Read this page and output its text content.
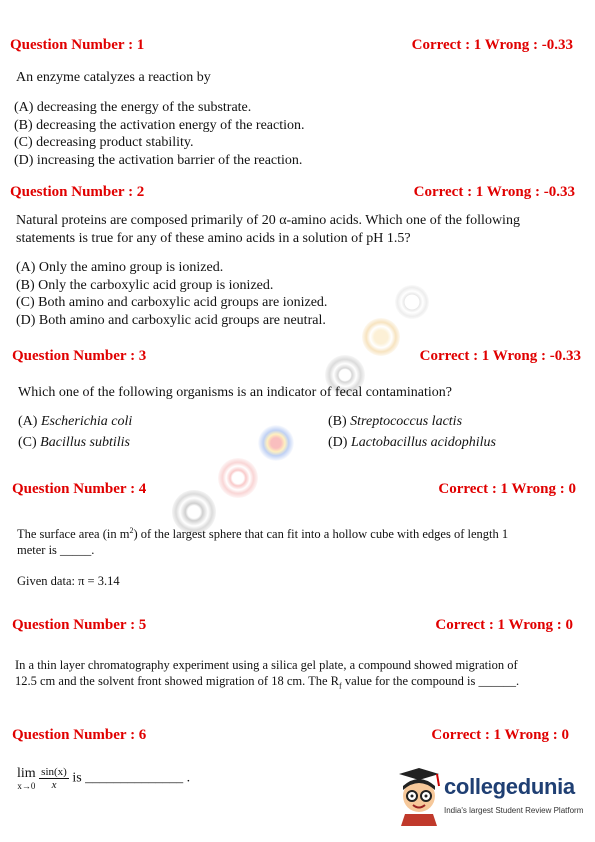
Question Number : 1	Correct : 1 Wrong : -0.33
An enzyme catalyzes a reaction by
(A) decreasing the energy of the substrate.
(B) decreasing the activation energy of the reaction.
(C) decreasing product stability.
(D) increasing the activation barrier of the reaction.
Question Number : 2	Correct : 1 Wrong : -0.33
Natural proteins are composed primarily of 20 α-amino acids. Which one of the following
statements is true for any of these amino acids in a solution of pH 1.5?
(A) Only the amino group is ionized.
(B) Only the carboxylic acid group is ionized.
(C) Both amino and carboxylic acid groups are ionized.
(D) Both amino and carboxylic acid groups are neutral.
Question Number : 3	Correct : 1 Wrong : -0.33
Which one of the following organisms is an indicator of fecal contamination?
(A) Escherichia coli	(B) Streptococcus lactis
(C) Bacillus subtilis	(D) Lactobacillus acidophilus
Question Number : 4	Correct : 1 Wrong : 0
The surface area (in $m^2$) of the largest sphere that can fit into a hollow cube with edges of length 1
meter is _____.
Given data: π = 3.14
Question Number : 5	Correct : 1 Wrong : 0
In a thin layer chromatography experiment using a silica gel plate, a compound showed migration of
12.5 cm and the solvent front showed migration of 18 cm. The $R_f$ value for the compound is ______.
Question Number : 6	Correct : 1 Wrong : 0
lim
x→0
$\frac{\sin(x)}{x}$ is ______________ .	collegedunia
India's largest Student Review Platform
